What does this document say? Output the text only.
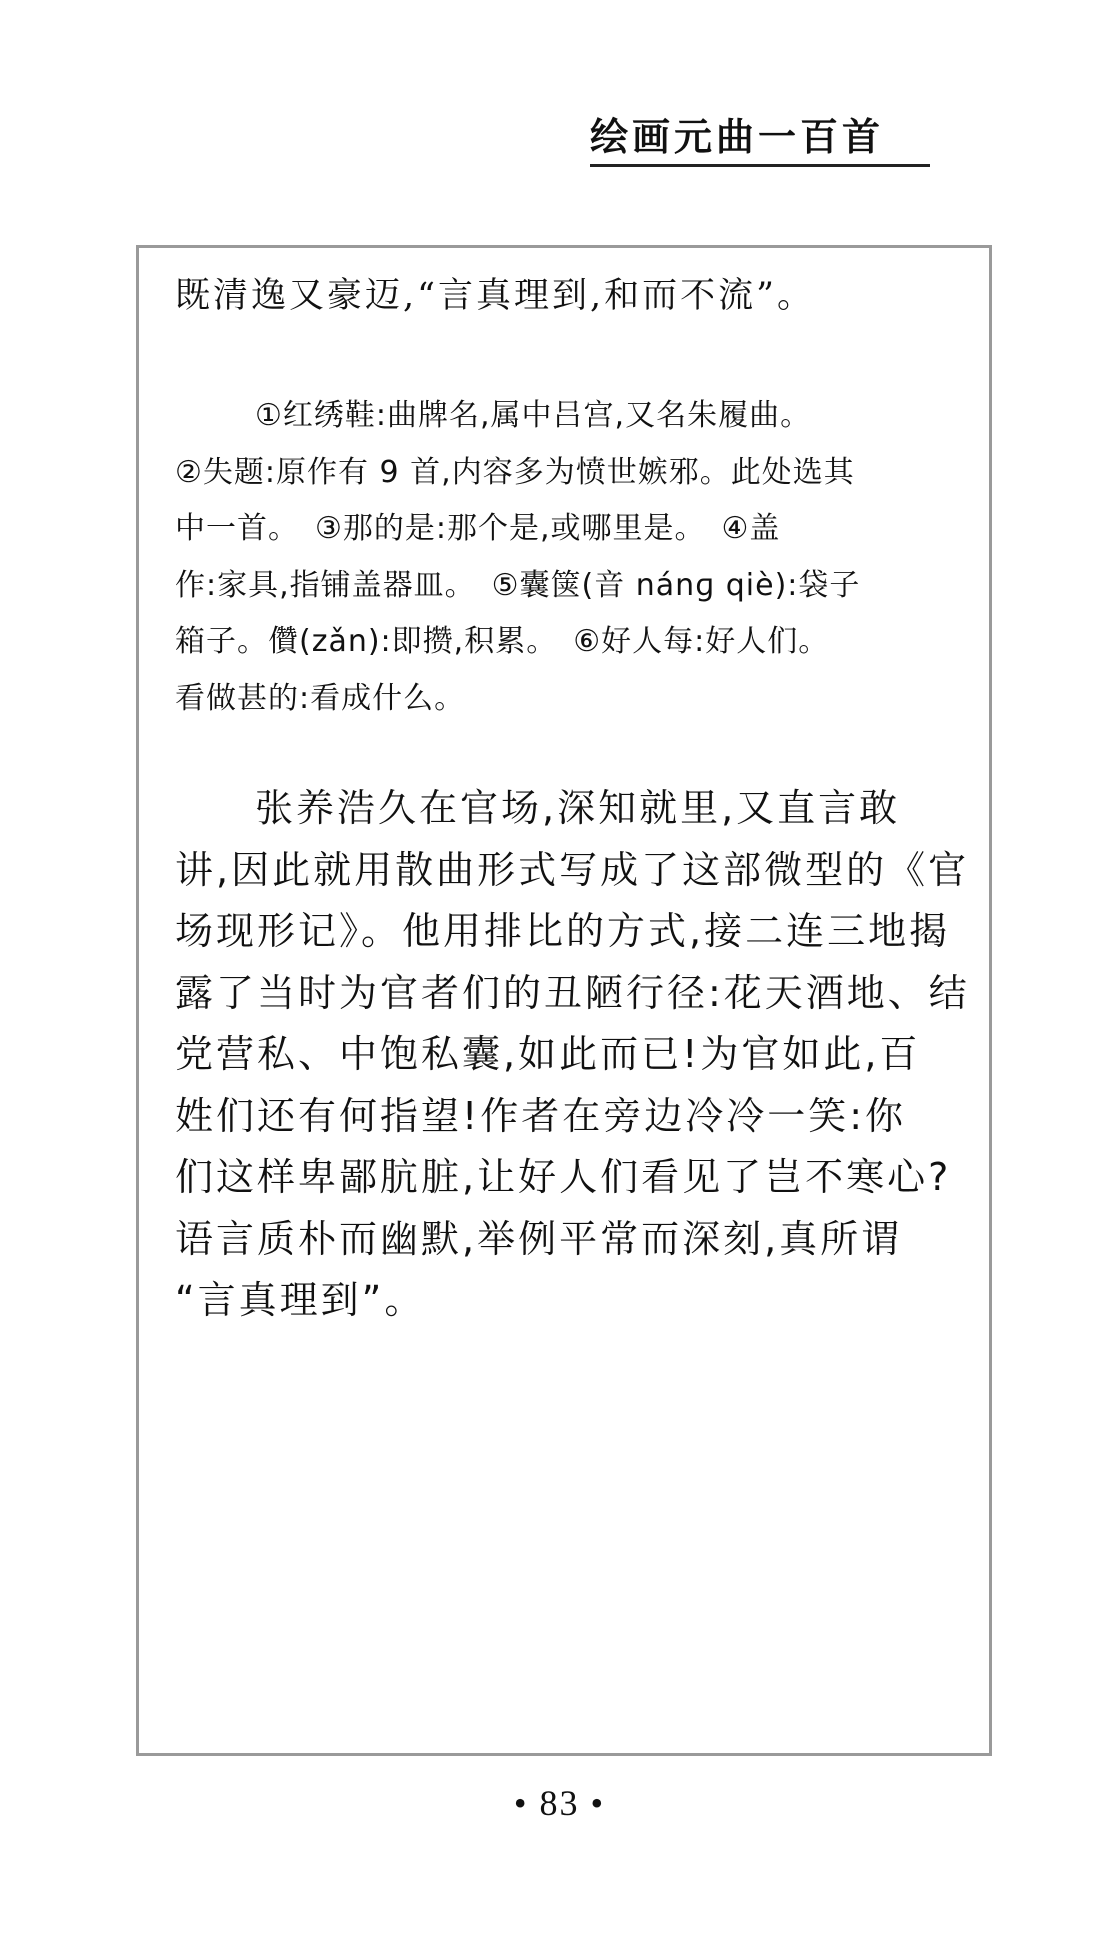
绘画元曲一百首
既清逸又豪迈,“言真理到,和而不流”。
①红绣鞋:曲牌名,属中吕宫,又名朱履曲。
②失题:原作有 9 首,内容多为愤世嫉邪。此处选其
中一首。　③那的是:那个是,或哪里是。　④盖
作:家具,指铺盖器皿。　⑤囊箧(音 nánɡ qiè):袋子
箱子。儹(zǎn):即攒,积累。　⑥好人每:好人们。
看做甚的:看成什么。
张养浩久在官场,深知就里,又直言敢
讲,因此就用散曲形式写成了这部微型的《官
场现形记》。他用排比的方式,接二连三地揭
露了当时为官者们的丑陋行径:花天酒地、结
党营私、中饱私囊,如此而已!为官如此,百
姓们还有何指望!作者在旁边冷冷一笑:你
们这样卑鄙肮脏,让好人们看见了岂不寒心?
语言质朴而幽默,举例平常而深刻,真所谓
“言真理到”。
• 83 •
